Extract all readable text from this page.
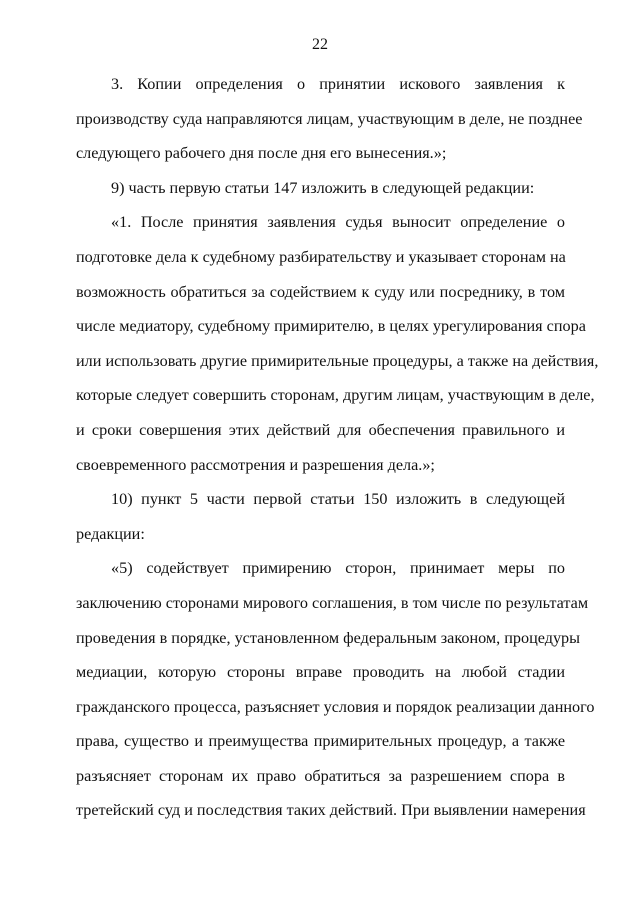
22
3. Копии определения о принятии искового заявления к
производству суда направляются лицам, участвующим в деле, не позднее
следующего рабочего дня после дня его вынесения.»;
9) часть первую статьи 147 изложить в следующей редакции:
«1. После принятия заявления судья выносит определение о
подготовке дела к судебному разбирательству и указывает сторонам на
возможность обратиться за содействием к суду или посреднику, в том
числе медиатору, судебному примирителю, в целях урегулирования спора
или использовать другие примирительные процедуры, а также на действия,
которые следует совершить сторонам, другим лицам, участвующим в деле,
и сроки совершения этих действий для обеспечения правильного и
своевременного рассмотрения и разрешения дела.»;
10) пункт 5 части первой статьи 150 изложить в следующей
редакции:
«5) содействует примирению сторон, принимает меры по
заключению сторонами мирового соглашения, в том числе по результатам
проведения в порядке, установленном федеральным законом, процедуры
медиации, которую стороны вправе проводить на любой стадии
гражданского процесса, разъясняет условия и порядок реализации данного
права, существо и преимущества примирительных процедур, а также
разъясняет сторонам их право обратиться за разрешением спора в
третейский суд и последствия таких действий. При выявлении намерения
